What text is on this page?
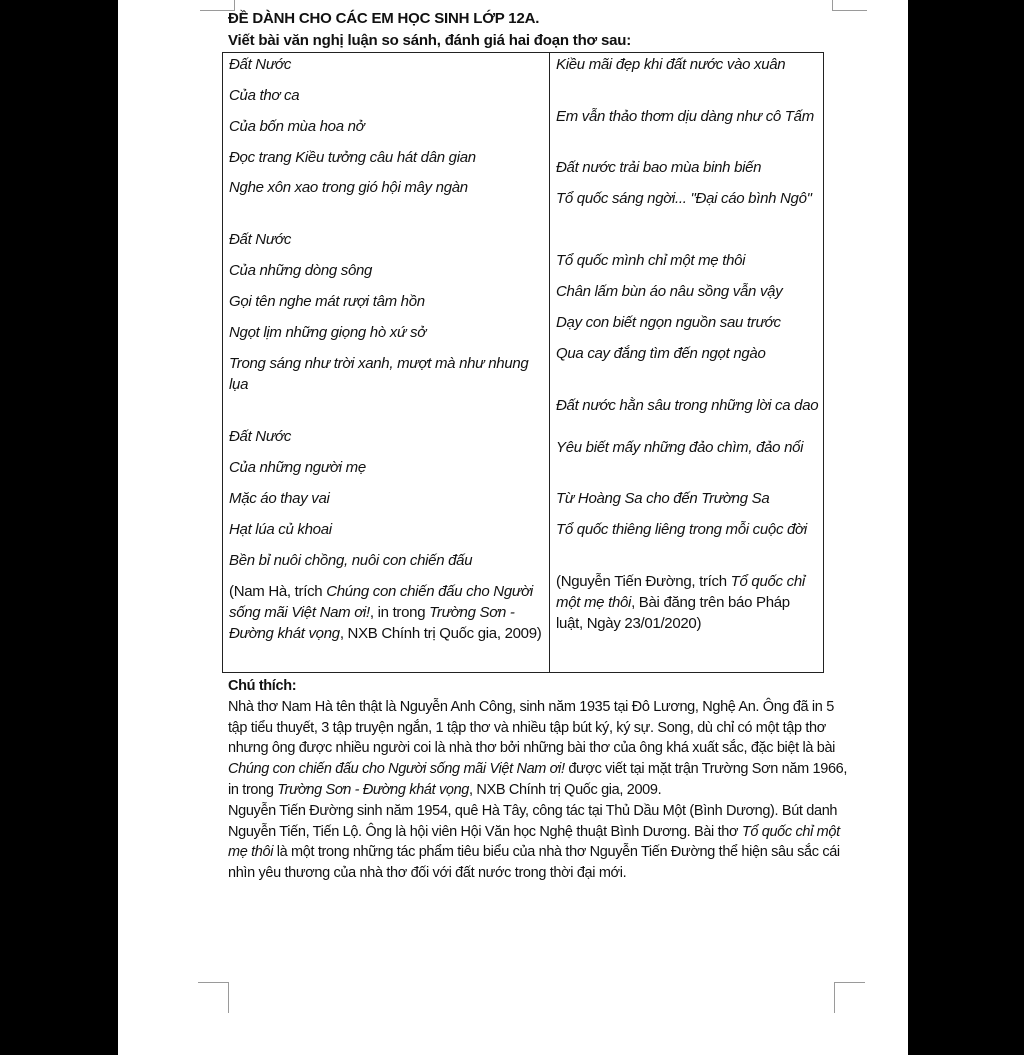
ĐỀ DÀNH CHO CÁC EM HỌC SINH LỚP 12A.
Viết bài văn nghị luận so sánh, đánh giá hai đoạn thơ sau:
Đất Nước
Của thơ ca
Của bốn mùa hoa nở
Đọc trang Kiều tưởng câu hát dân gian
Nghe xôn xao trong gió hội mây ngàn
Đất Nước
Của những dòng sông
Gọi tên nghe mát rượi tâm hồn
Ngọt lịm những giọng hò xứ sở
Trong sáng như trời xanh, mượt mà như nhung lụa
Đất Nước
Của những người mẹ
Mặc áo thay vai
Hạt lúa củ khoai
Bền bỉ nuôi chồng, nuôi con chiến đấu
(Nam Hà, trích Chúng con chiến đấu cho Người sống mãi Việt Nam ơi!, in trong Trường Sơn - Đường khát vọng, NXB Chính trị Quốc gia, 2009)
Kiều mãi đẹp khi đất nước vào xuân
Em vẫn thảo thơm dịu dàng như cô Tấm
Đất nước trải bao mùa binh biến
Tổ quốc sáng ngời... "Đại cáo bình Ngô"
Tổ quốc mình chỉ một mẹ thôi
Chân lấm bùn áo nâu sồng vẫn vậy
Dạy con biết ngọn nguồn sau trước
Qua cay đắng tìm đến ngọt ngào
Đất nước hằn sâu trong những lời ca dao
Yêu biết mấy những đảo chìm, đảo nổi
Từ Hoàng Sa cho đến Trường Sa
Tổ quốc thiêng liêng trong mỗi cuộc đời
(Nguyễn Tiến Đường, trích Tổ quốc chỉ một mẹ thôi, Bài đăng trên báo Pháp luật, Ngày 23/01/2020)
Chú thích:

Nhà thơ Nam Hà tên thật là Nguyễn Anh Công, sinh năm 1935 tại Đô Lương, Nghệ An. Ông đã in 5 tập tiểu thuyết, 3 tập truyện ngắn, 1 tập thơ và nhiều tập bút ký, ký sự. Song, dù chỉ có một tập thơ nhưng ông được nhiều người coi là nhà thơ bởi những bài thơ của ông khá xuất sắc, đặc biệt là bài Chúng con chiến đấu cho Người sống mãi Việt Nam ơi! được viết tại mặt trận Trường Sơn năm 1966, in trong Trường Sơn - Đường khát vọng, NXB Chính trị Quốc gia, 2009.

Nguyễn Tiến Đường sinh năm 1954, quê Hà Tây, công tác tại Thủ Dầu Một (Bình Dương). Bút danh Nguyễn Tiến, Tiến Lộ. Ông là hội viên Hội Văn học Nghệ thuật Bình Dương. Bài thơ Tổ quốc chỉ một mẹ thôi là một trong những tác phẩm tiêu biểu của nhà thơ Nguyễn Tiến Đường thể hiện sâu sắc cái nhìn yêu thương của nhà thơ đối với đất nước trong thời đại mới.
